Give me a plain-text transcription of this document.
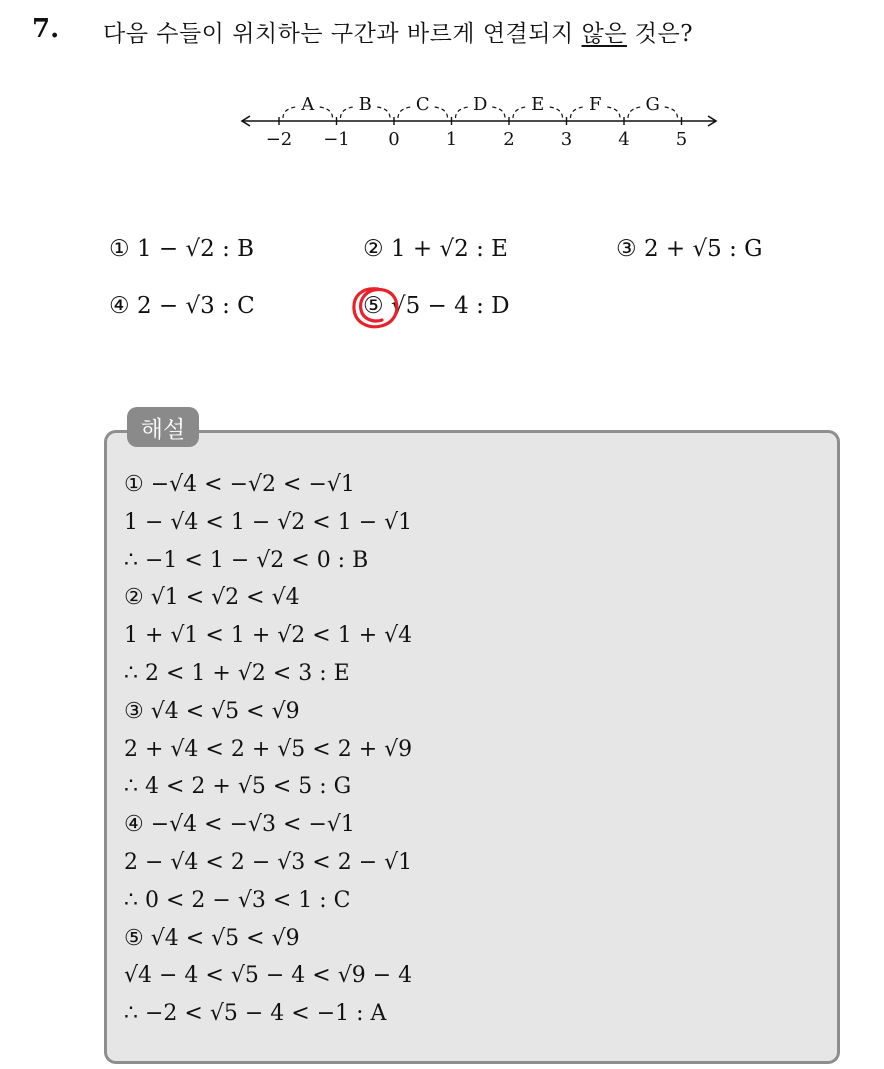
7. 다음 수들이 위치하는 구간과 바르게 연결되지 않은 것은?
−2 −1 0	1	2	3	4	5
A B C D E F G
① 1 − √2 : B	② 1 + √2 : E	③ 2 + √5 : G
④ 2 − √3 : C	⑤ √5 − 4 : D
해설
① −√4 < −√2 < −√1
1 − √4 < 1 − √2 < 1 − √1
∴ −1 < 1 − √2 < 0 : B
② √1 < √2 < √4
1 + √1 < 1 + √2 < 1 + √4
∴ 2 < 1 + √2 < 3 : E
③ √4 < √5 < √9
2 + √4 < 2 + √5 < 2 + √9
∴ 4 < 2 + √5 < 5 : G
④ −√4 < −√3 < −√1
2 − √4 < 2 − √3 < 2 − √1
∴ 0 < 2 − √3 < 1 : C
⑤ √4 < √5 < √9
√4 − 4 < √5 − 4 < √9 − 4
∴ −2 < √5 − 4 < −1 : A
